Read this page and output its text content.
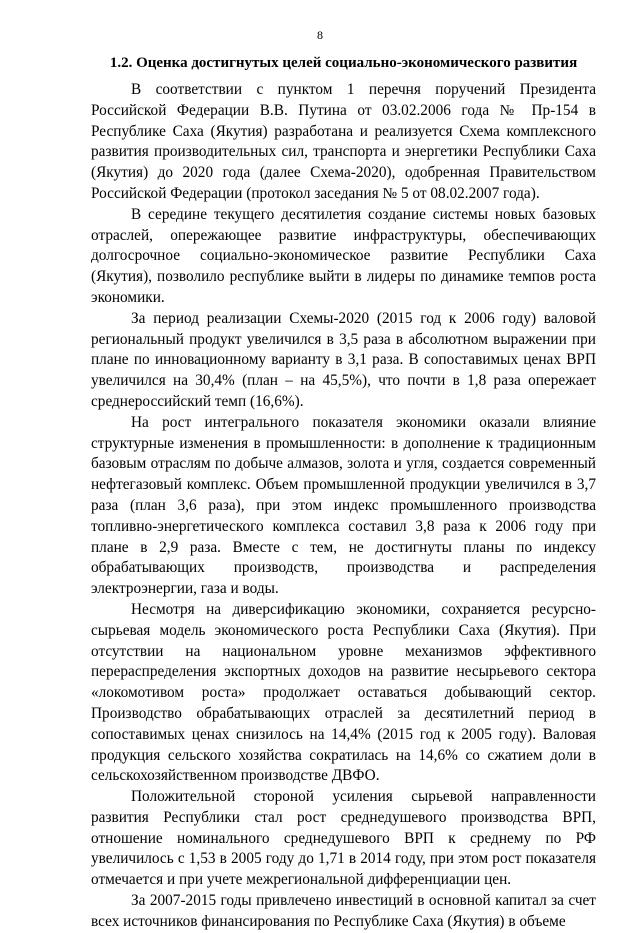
8
1.2. Оценка достигнутых целей социально-экономического развития

В соответствии с пунктом 1 перечня поручений Президента Российской Федерации В.В. Путина от 03.02.2006 года № Пр-154 в Республике Саха (Якутия) разработана и реализуется Схема комплексного развития производительных сил, транспорта и энергетики Республики Саха (Якутия) до 2020 года (далее Схема-2020), одобренная Правительством Российской Федерации (протокол заседания № 5 от 08.02.2007 года).

В середине текущего десятилетия создание системы новых базовых отраслей, опережающее развитие инфраструктуры, обеспечивающих долгосрочное социально-экономическое развитие Республики Саха (Якутия), позволило республике выйти в лидеры по динамике темпов роста экономики.

За период реализации Схемы-2020 (2015 год к 2006 году) валовой региональный продукт увеличился в 3,5 раза в абсолютном выражении при плане по инновационному варианту в 3,1 раза. В сопоставимых ценах ВРП увеличился на 30,4% (план – на 45,5%), что почти в 1,8 раза опережает среднероссийский темп (16,6%).

На рост интегрального показателя экономики оказали влияние структурные изменения в промышленности: в дополнение к традиционным базовым отраслям по добыче алмазов, золота и угля, создается современный нефтегазовый комплекс. Объем промышленной продукции увеличился в 3,7 раза (план 3,6 раза), при этом индекс промышленного производства топливно-энергетического комплекса составил 3,8 раза к 2006 году при плане в 2,9 раза. Вместе с тем, не достигнуты планы по индексу обрабатывающих производств, производства и распределения электроэнергии, газа и воды.

Несмотря на диверсификацию экономики, сохраняется ресурсно-сырьевая модель экономического роста Республики Саха (Якутия). При отсутствии на национальном уровне механизмов эффективного перераспределения экспортных доходов на развитие несырьевого сектора «локомотивом роста» продолжает оставаться добывающий сектор. Производство обрабатывающих отраслей за десятилетний период в сопоставимых ценах снизилось на 14,4% (2015 год к 2005 году). Валовая продукция сельского хозяйства сократилась на 14,6% со сжатием доли в сельскохозяйственном производстве ДВФО.

Положительной стороной усиления сырьевой направленности развития Республики стал рост среднедушевого производства ВРП, отношение номинального среднедушевого ВРП к среднему по РФ увеличилось с 1,53 в 2005 году до 1,71 в 2014 году, при этом рост показателя отмечается и при учете межрегиональной дифференциации цен.

За 2007-2015 годы привлечено инвестиций в основной капитал за счет всех источников финансирования по Республике Саха (Якутия) в объеме
